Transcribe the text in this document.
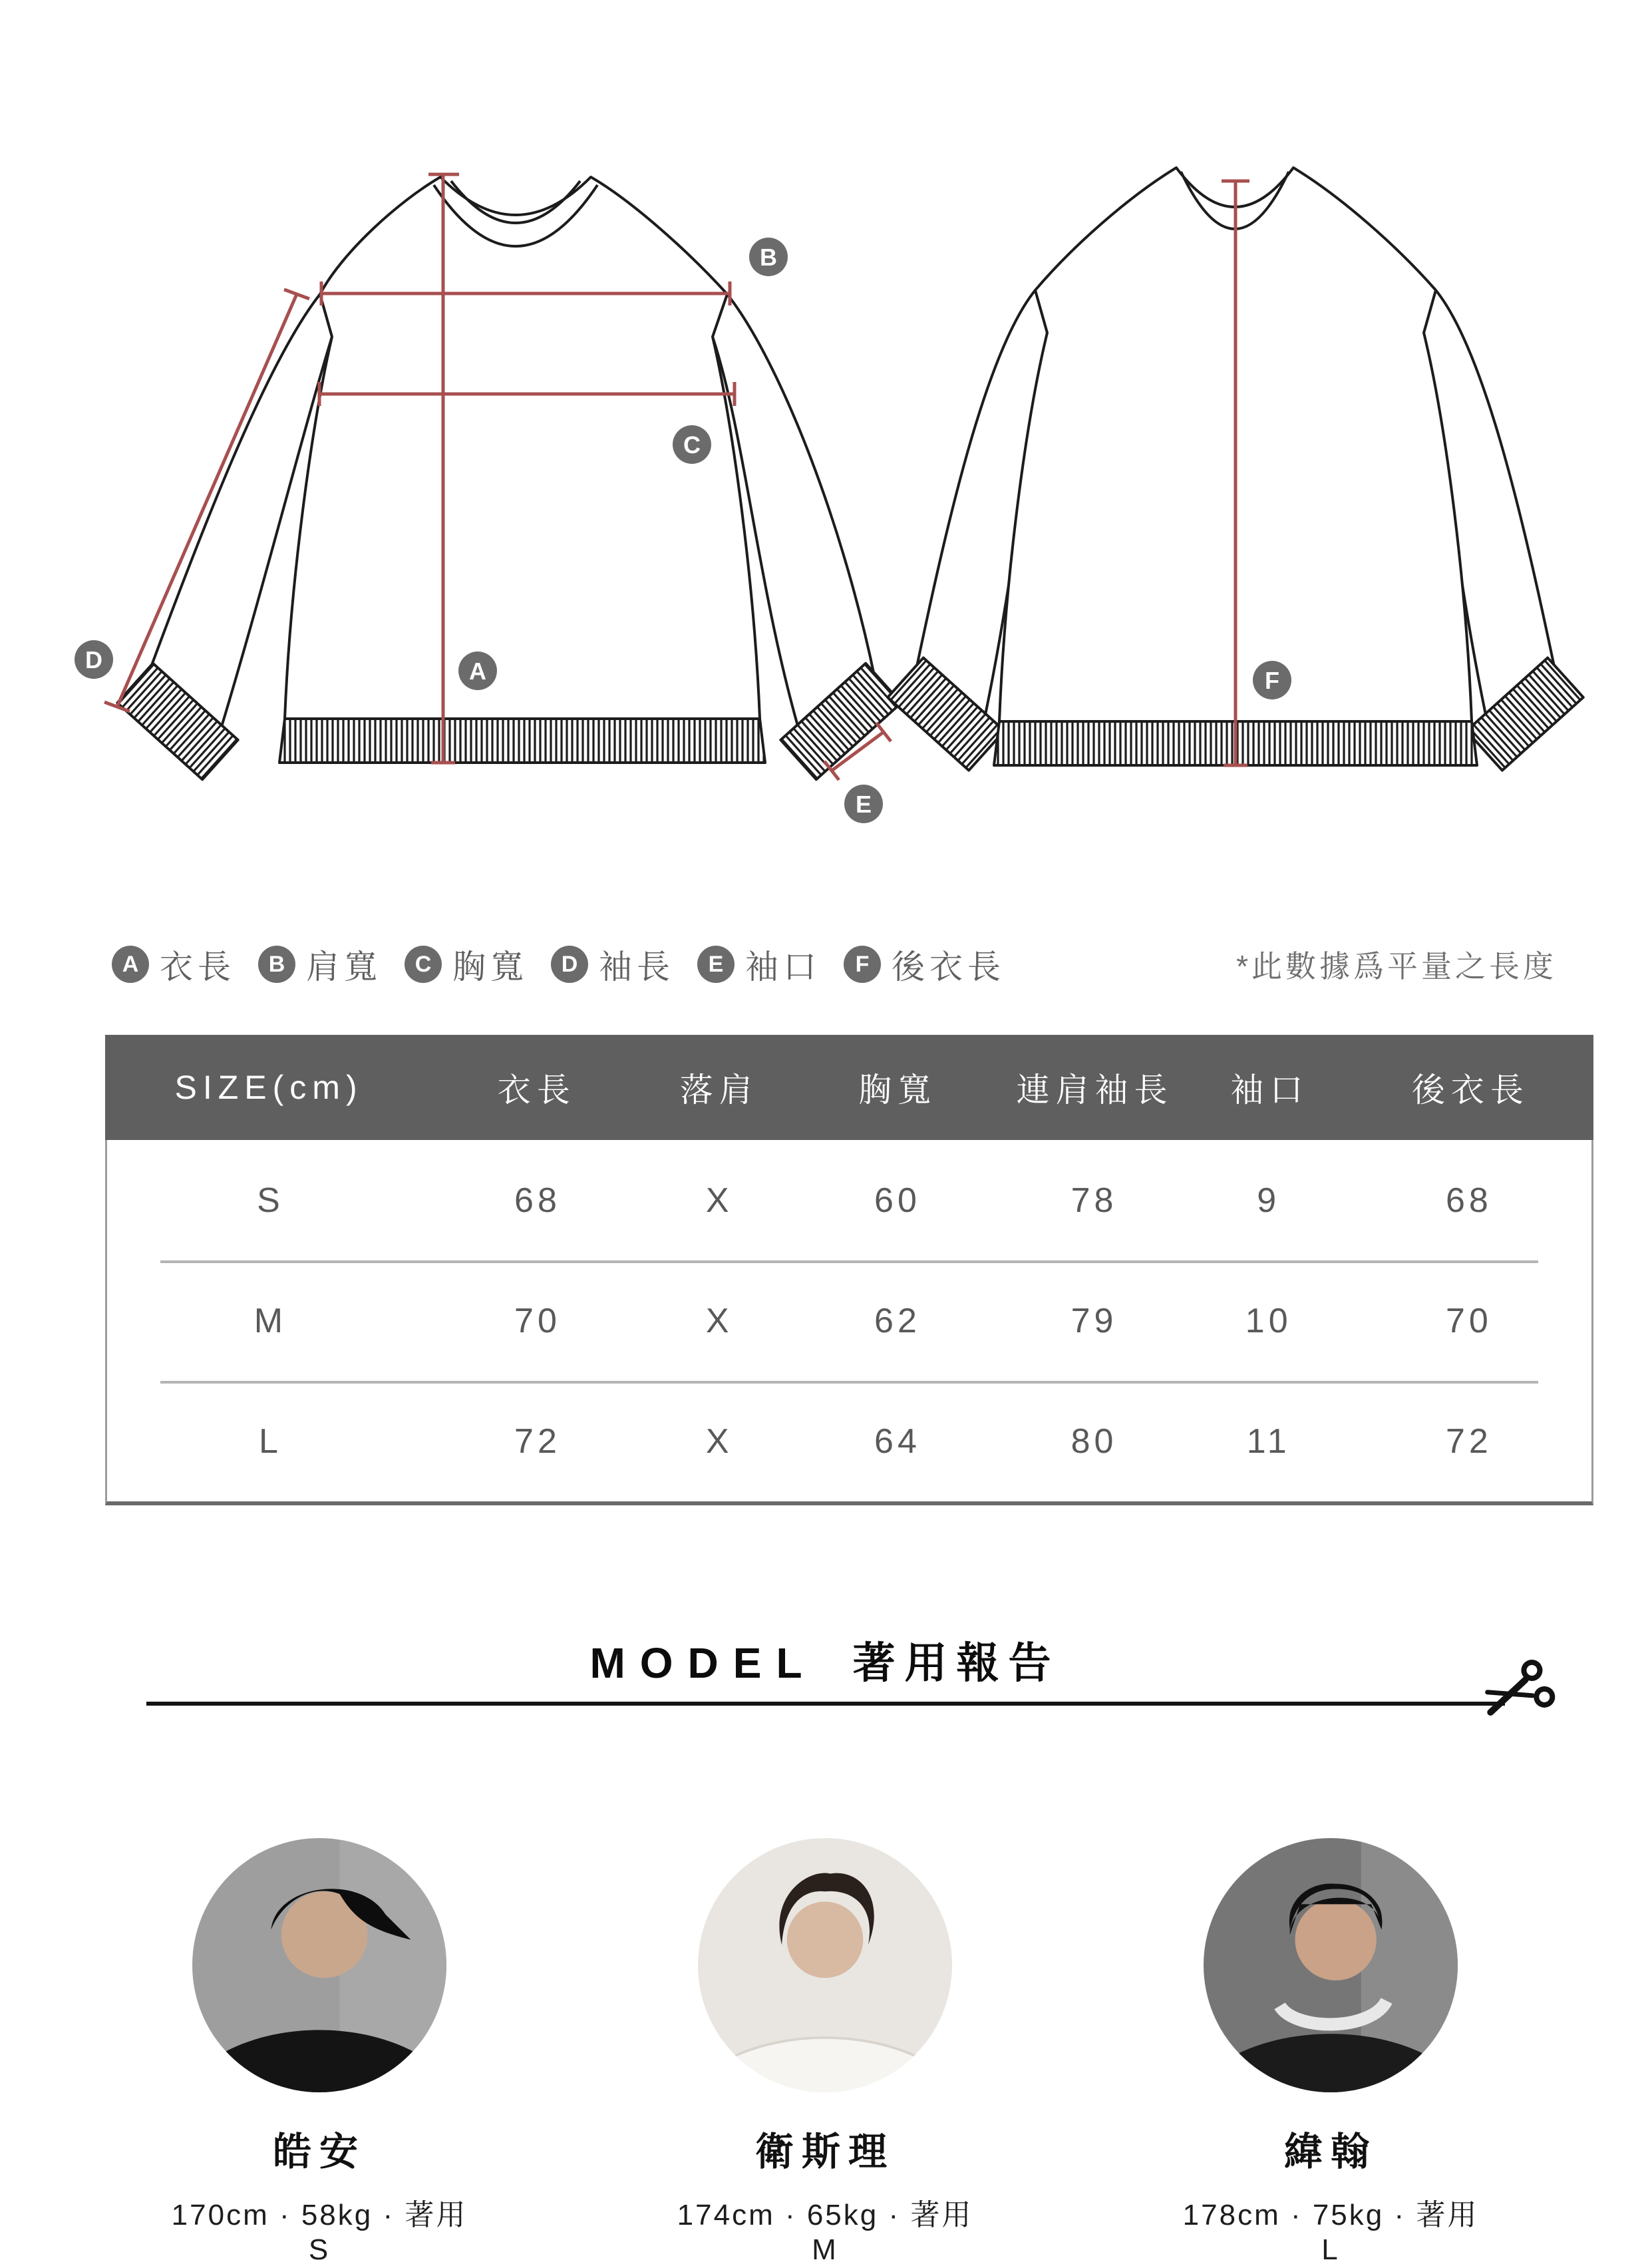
A
B
C
D
E
F
A 衣長	B 肩寬	C 胸寬	D 袖長	E 袖口	F 後衣長	*此數據爲平量之長度
SIZE(cm)	衣長	落肩	胸寬	連肩袖長	袖口	後衣長
S	68	X	60	78	9	68
M	70	X	62	79	10	70
L	72	X	64	80	11	72
MODEL 著用報告
皓安
170cm · 58kg · 著用S
衛斯理
174cm · 65kg · 著用M
緯翰
178cm · 75kg · 著用L
